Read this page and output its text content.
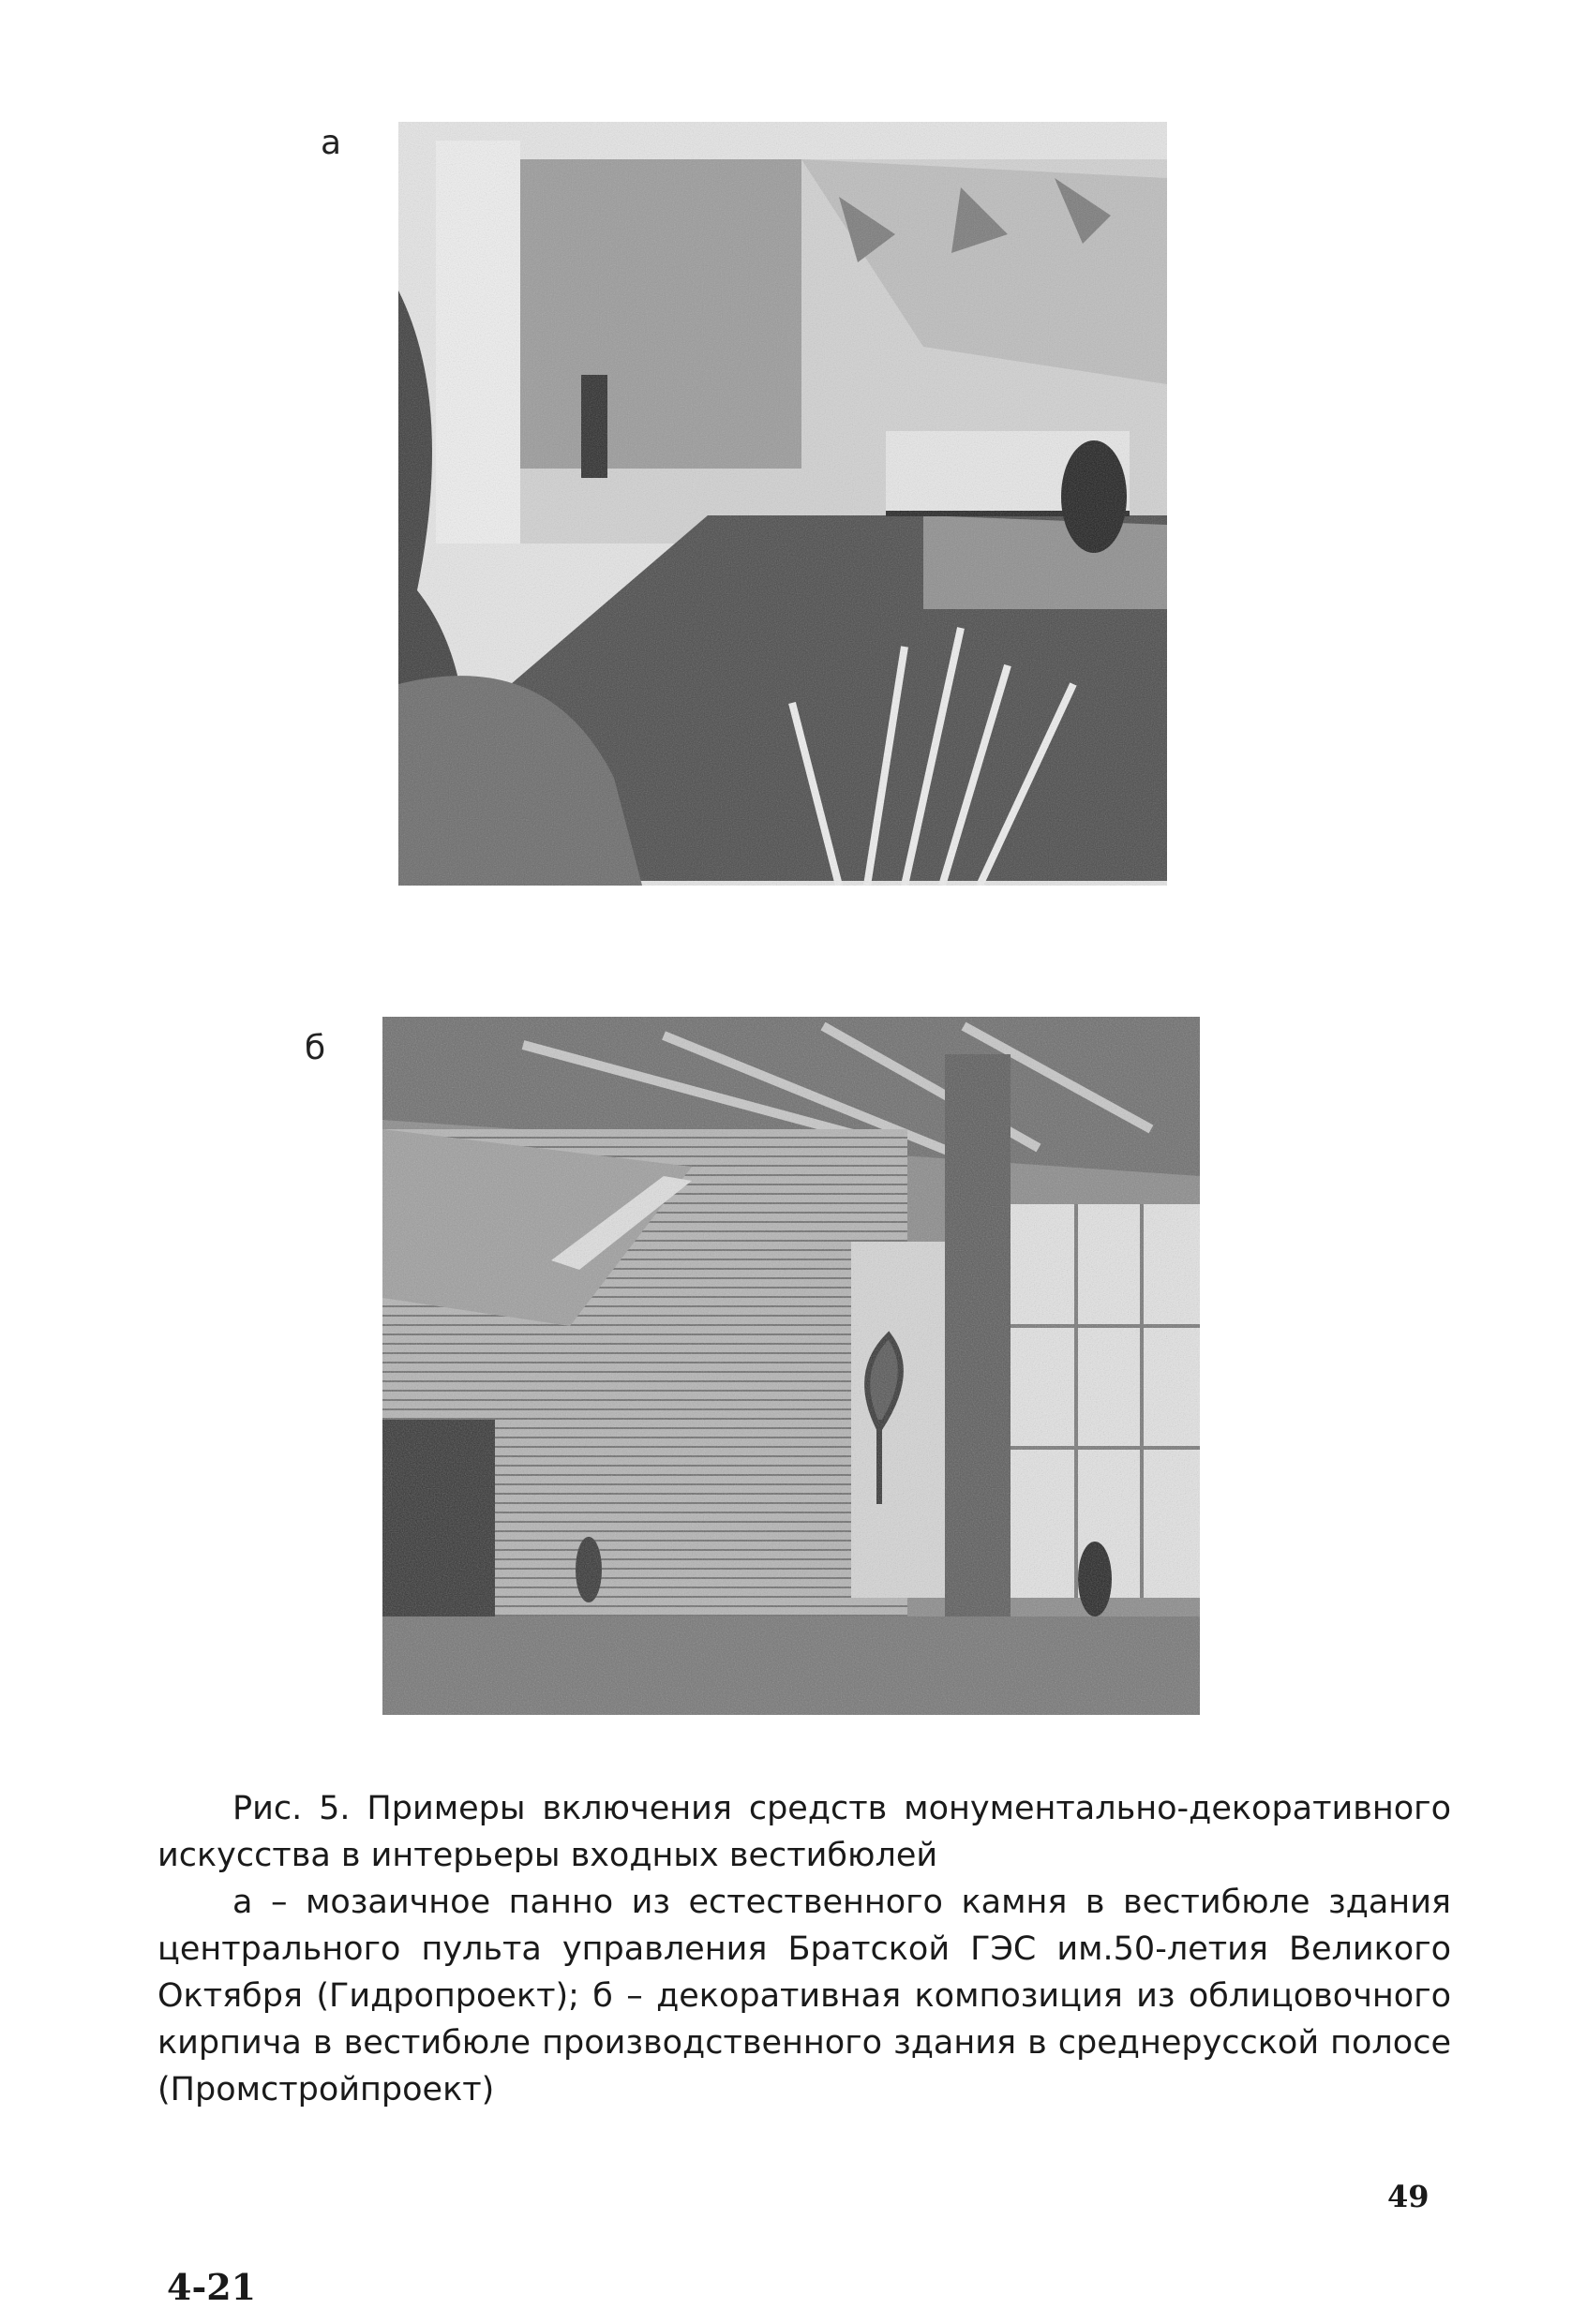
а
б

Рис. 5. Примеры включения средств монументально-декоративного искусства в интерьеры входных вестибюлей

а – мозаичное панно из естественного камня в вестибюле здания центрального пульта управления Братской ГЭС им.50-летия Великого Октября (Гидропроект); б – декоративная композиция из облицовочного кирпича в вестибюле производственного здания в среднерусской полосе (Промстройпроект)

49
4-21
